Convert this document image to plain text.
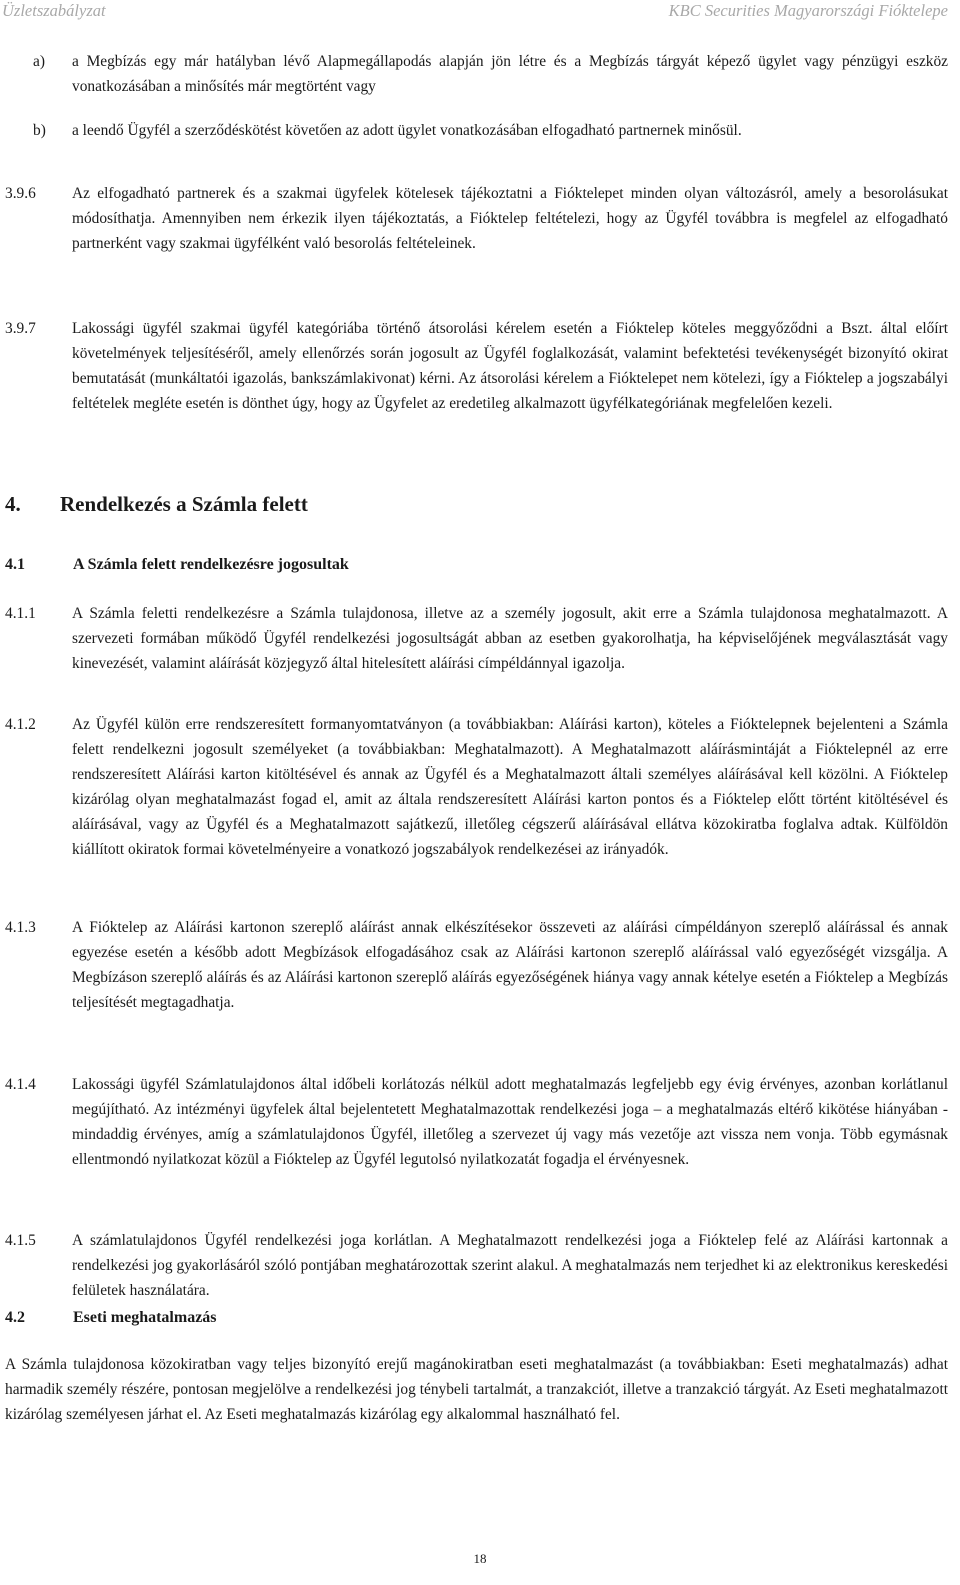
Üzletszabályzat	KBC Securities Magyarországi Fióktelepe
a) a Megbízás egy már hatályban lévő Alapmegállapodás alapján jön létre és a Megbízás tárgyát képező ügylet vagy pénzügyi eszköz vonatkozásában a minősítés már megtörtént vagy
b) a leendő Ügyfél a szerződéskötést követően az adott ügylet vonatkozásában elfogadható partnernek minősül.
3.9.6 Az elfogadható partnerek és a szakmai ügyfelek kötelesek tájékoztatni a Fióktelepet minden olyan változásról, amely a besorolásukat módosíthatja. Amennyiben nem érkezik ilyen tájékoztatás, a Fióktelep feltételezi, hogy az Ügyfél továbbra is megfelel az elfogadható partnerként vagy szakmai ügyfélként való besorolás feltételeinek.
3.9.7 Lakossági ügyfél szakmai ügyfél kategóriába történő átsorolási kérelem esetén a Fióktelep köteles meggyőződni a Bszt. által előírt követelmények teljesítéséről, amely ellenőrzés során jogosult az Ügyfél foglalkozását, valamint befektetési tevékenységét bizonyító okirat bemutatását (munkáltatói igazolás, bankszámlakivonat) kérni. Az átsorolási kérelem a Fióktelepet nem kötelezi, így a Fióktelep a jogszabályi feltételek megléte esetén is dönthet úgy, hogy az Ügyfelet az eredetileg alkalmazott ügyfélkategóriának megfelelően kezeli.
4. Rendelkezés a Számla felett
4.1	A Számla felett rendelkezésre jogosultak
4.1.1 A Számla feletti rendelkezésre a Számla tulajdonosa, illetve az a személy jogosult, akit erre a Számla tulajdonosa meghatalmazott. A szervezeti formában működő Ügyfél rendelkezési jogosultságát abban az esetben gyakorolhatja, ha képviselőjének megválasztását vagy kinevezését, valamint aláírását közjegyző által hitelesített aláírási címpéldánnyal igazolja.
4.1.2 Az Ügyfél külön erre rendszeresített formanyomtatványon (a továbbiakban: Aláírási karton), köteles a Fióktelepnek bejelenteni a Számla felett rendelkezni jogosult személyeket (a továbbiakban: Meghatalmazott). A Meghatalmazott aláírásmintáját a Fióktelepnél az erre rendszeresített Aláírási karton kitöltésével és annak az Ügyfél és a Meghatalmazott általi személyes aláírásával kell közölni. A Fióktelep kizárólag olyan meghatalmazást fogad el, amit az általa rendszeresített Aláírási karton pontos és a Fióktelep előtt történt kitöltésével és aláírásával, vagy az Ügyfél és a Meghatalmazott sajátkezű, illetőleg cégszerű aláírásával ellátva közokiratba foglalva adtak. Külföldön kiállított okiratok formai követelményeire a vonatkozó jogszabályok rendelkezései az irányadók.
4.1.3 A Fióktelep az Aláírási kartonon szereplő aláírást annak elkészítésekor összeveti az aláírási címpéldányon szereplő aláírással és annak egyezése esetén a később adott Megbízások elfogadásához csak az Aláírási kartonon szereplő aláírással való egyezőségét vizsgálja. A Megbízáson szereplő aláírás és az Aláírási kartonon szereplő aláírás egyezőségének hiánya vagy annak kételye esetén a Fióktelep a Megbízás teljesítését megtagadhatja.
4.1.4 Lakossági ügyfél Számlatulajdonos által időbeli korlátozás nélkül adott meghatalmazás legfeljebb egy évig érvényes, azonban korlátlanul megújítható. Az intézményi ügyfelek által bejelentetett Meghatalmazottak rendelkezési joga – a meghatalmazás eltérő kikötése hiányában - mindaddig érvényes, amíg a számlatulajdonos Ügyfél, illetőleg a szervezet új vagy más vezetője azt vissza nem vonja. Több egymásnak ellentmondó nyilatkozat közül a Fióktelep az Ügyfél legutolsó nyilatkozatát fogadja el érvényesnek.
4.1.5 A számlatulajdonos Ügyfél rendelkezési joga korlátlan. A Meghatalmazott rendelkezési joga a Fióktelep felé az Aláírási kartonnak a rendelkezési jog gyakorlásáról szóló pontjában meghatározottak szerint alakul. A meghatalmazás nem terjedhet ki az elektronikus kereskedési felületek használatára.
4.2	Eseti meghatalmazás
A Számla tulajdonosa közokiratban vagy teljes bizonyító erejű magánokiratban eseti meghatalmazást (a továbbiakban: Eseti meghatalmazás) adhat harmadik személy részére, pontosan megjelölve a rendelkezési jog ténybeli tartalmát, a tranzakciót, illetve a tranzakció tárgyát. Az Eseti meghatalmazott kizárólag személyesen járhat el. Az Eseti meghatalmazás kizárólag egy alkalommal használható fel.
18
